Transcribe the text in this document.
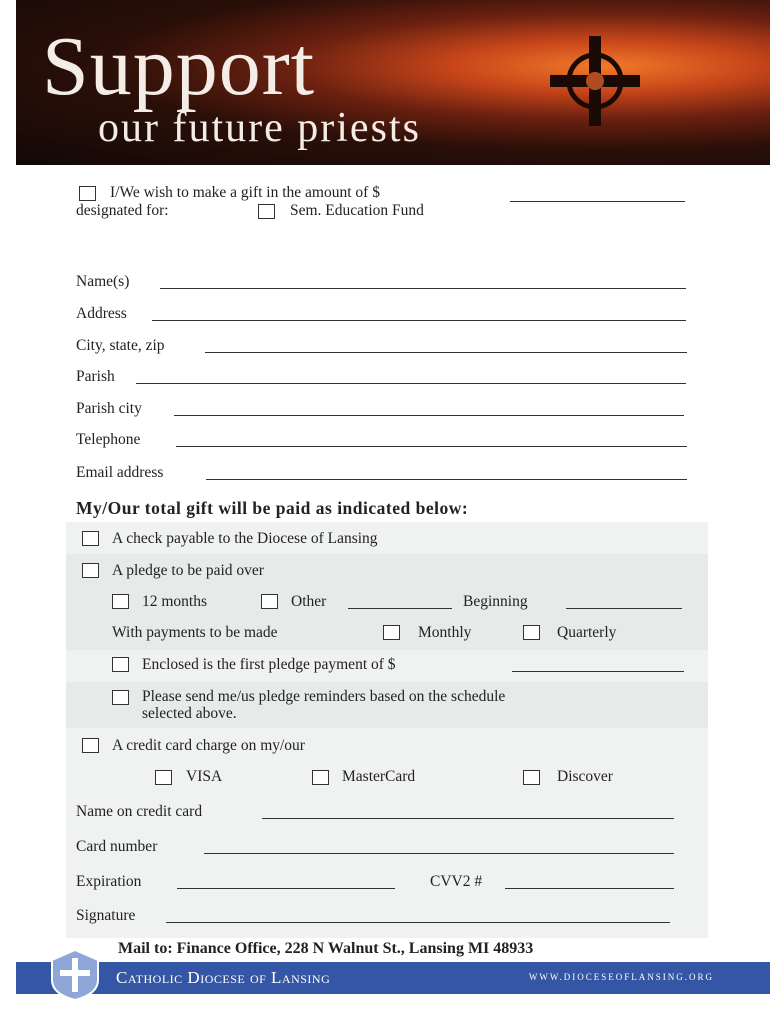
Support
our future priests
I/We wish to make a gift in the amount of $
designated for:	Sem. Education Fund
Name(s)
Address
City, state, zip
Parish
Parish city
Telephone
Email address
My/Our total gift will be paid as indicated below:
A check payable to the Diocese of Lansing
A pledge to be paid over
12 months	Other	Beginning
With payments to be made	Monthly	Quarterly
Enclosed is the first pledge payment of $
Please send me/us pledge reminders based on the schedule
selected above.
A credit card charge on my/our
VISA	MasterCard	Discover
Name on credit card
Card number
Expiration	CVV2 #
Signature
Mail to: Finance Office, 228 N Walnut St., Lansing MI 48933
Catholic Diocese of Lansing	WWW.DIOCESEOFLANSING.ORG
